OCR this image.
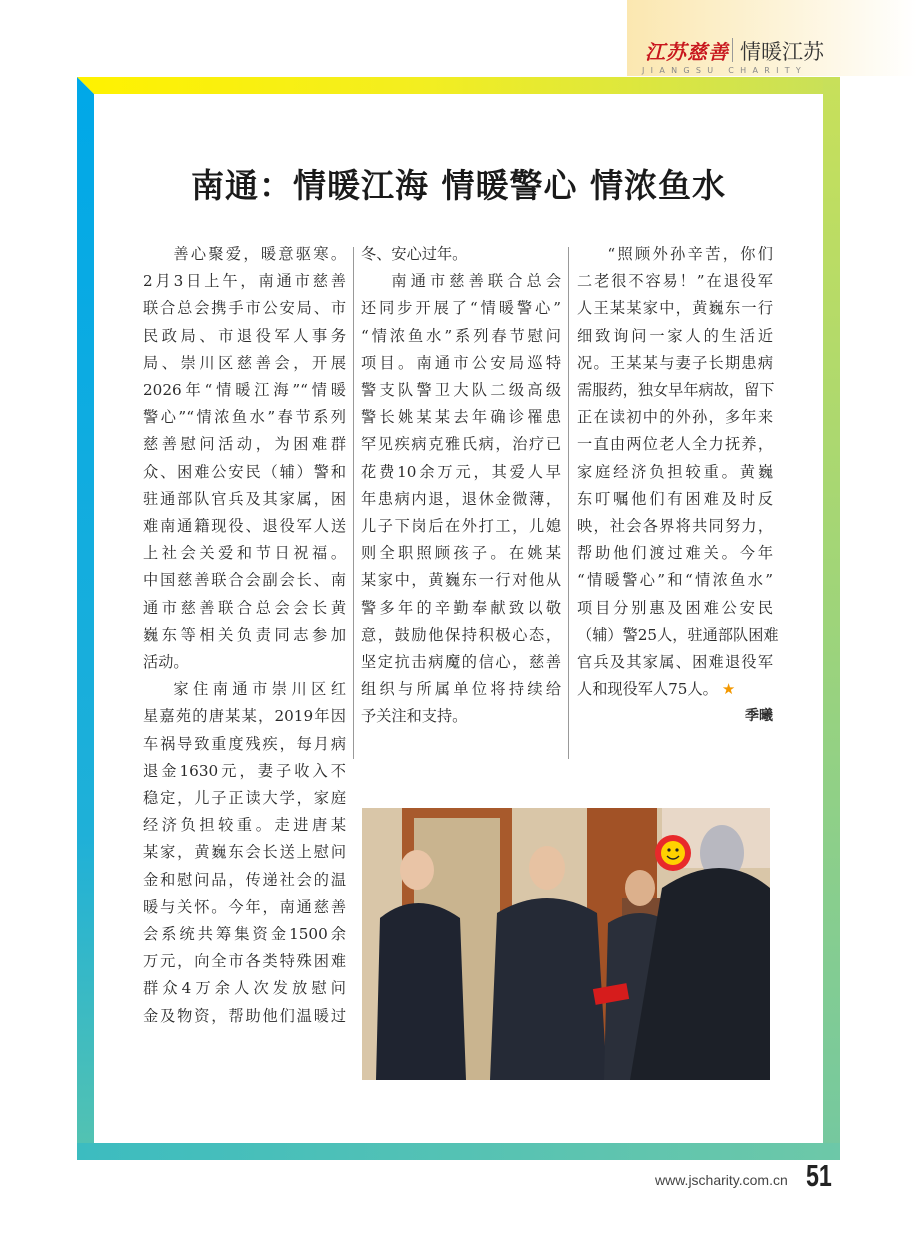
江苏慈善 情暖江苏
JIANGSU CHARITY
南通：情暖江海 情暖警心 情浓鱼水
善心聚爱，暖意驱寒。
2月3日上午，南通市慈善
联合总会携手市公安局、市
民政局、市退役军人事务
局、崇川区慈善会，开展
2026年“情暖江海”“情暖
警心”“情浓鱼水”春节系列
慈善慰问活动，为困难群
众、困难公安民（辅）警和
驻通部队官兵及其家属，困
难南通籍现役、退役军人送
上社会关爱和节日祝福。
中国慈善联合会副会长、南
通市慈善联合总会会长黄
巍东等相关负责同志参加
活动。
家住南通市崇川区红
星嘉苑的唐某某，2019年因
车祸导致重度残疾，每月病
退金1630元，妻子收入不
稳定，儿子正读大学，家庭
经济负担较重。走进唐某
某家，黄巍东会长送上慰问
金和慰问品，传递社会的温
暖与关怀。今年，南通慈善
会系统共筹集资金1500余
万元，向全市各类特殊困难
群众4万余人次发放慰问
金及物资，帮助他们温暖过
冬、安心过年。
南通市慈善联合总会
还同步开展了“情暖警心”
“情浓鱼水”系列春节慰问
项目。南通市公安局巡特
警支队警卫大队二级高级
警长姚某某去年确诊罹患
罕见疾病克雅氏病，治疗已
花费10余万元，其爱人早
年患病内退，退休金微薄，
儿子下岗后在外打工，儿媳
则全职照顾孩子。在姚某
某家中，黄巍东一行对他从
警多年的辛勤奉献致以敬
意，鼓励他保持积极心态，
坚定抗击病魔的信心，慈善
组织与所属单位将持续给
予关注和支持。
“照顾外孙辛苦，你们
二老很不容易！”在退役军
人王某某家中，黄巍东一行
细致询问一家人的生活近
况。王某某与妻子长期患病
需服药，独女早年病故，留下
正在读初中的外孙，多年来
一直由两位老人全力抚养，
家庭经济负担较重。黄巍
东叮嘱他们有困难及时反
映，社会各界将共同努力，
帮助他们渡过难关。今年
“情暖警心”和“情浓鱼水”
项目分别惠及困难公安民
（辅）警25人，驻通部队困难
官兵及其家属、困难退役军
人和现役军人75人。 ★
季曦
www.jscharity.com.cn 51
